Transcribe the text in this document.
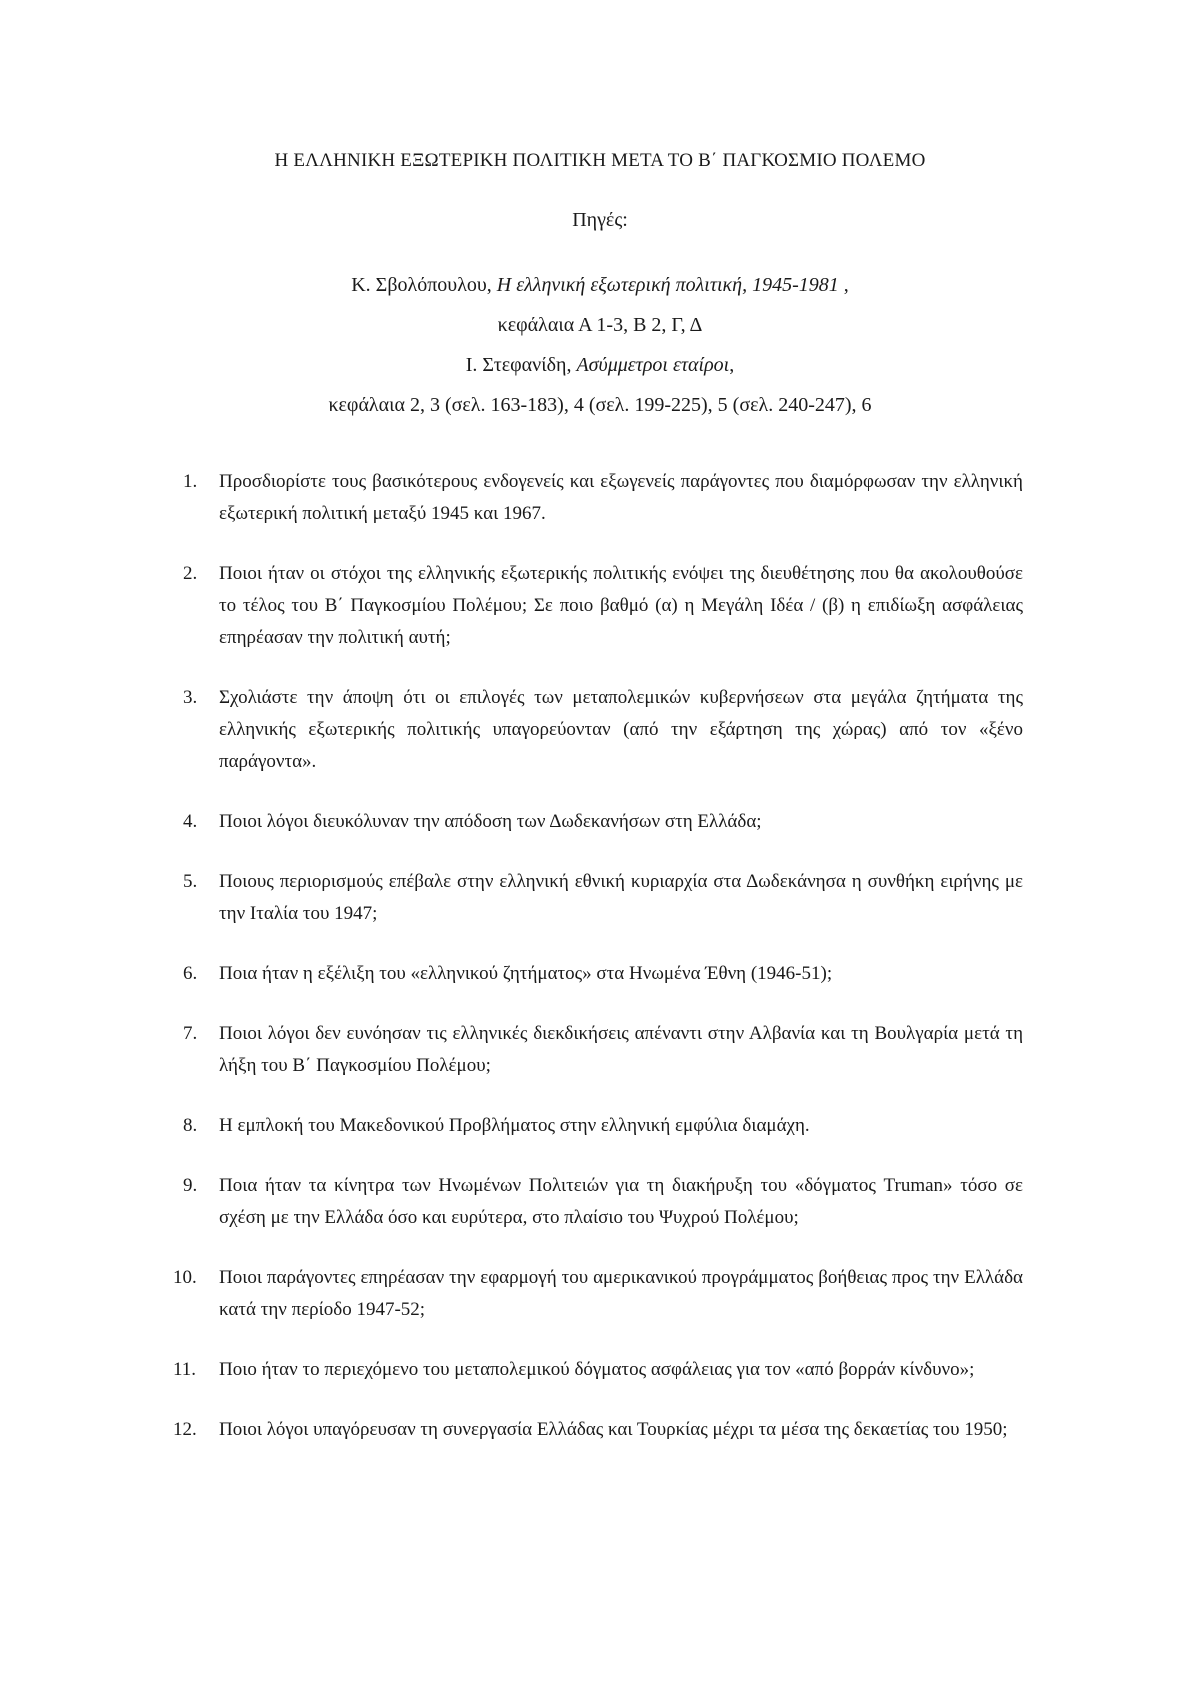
Η ΕΛΛΗΝΙΚΗ ΕΞΩΤΕΡΙΚΗ ΠΟΛΙΤΙΚΗ ΜΕΤΑ ΤΟ Β΄ ΠΑΓΚΟΣΜΙΟ ΠΟΛΕΜΟ
Πηγές:
Κ. Σβολόπουλου, Η ελληνική εξωτερική πολιτική, 1945-1981 ,
κεφάλαια Α 1-3, Β 2, Γ, Δ
Ι. Στεφανίδη, Ασύμμετροι εταίροι,
κεφάλαια 2, 3 (σελ. 163-183), 4 (σελ. 199-225), 5 (σελ. 240-247), 6
1. Προσδιορίστε τους βασικότερους ενδογενείς και εξωγενείς παράγοντες που διαμόρφωσαν την ελληνική εξωτερική πολιτική μεταξύ 1945 και 1967.
2. Ποιοι ήταν οι στόχοι της ελληνικής εξωτερικής πολιτικής ενόψει της διευθέτησης που θα ακολουθούσε το τέλος του Β΄ Παγκοσμίου Πολέμου; Σε ποιο βαθμό (α) η Μεγάλη Ιδέα / (β) η επιδίωξη ασφάλειας επηρέασαν την πολιτική αυτή;
3. Σχολιάστε την άποψη ότι οι επιλογές των μεταπολεμικών κυβερνήσεων στα μεγάλα ζητήματα της ελληνικής εξωτερικής πολιτικής υπαγορεύονταν (από την εξάρτηση της χώρας) από τον «ξένο παράγοντα».
4. Ποιοι λόγοι διευκόλυναν την απόδοση των Δωδεκανήσων στη Ελλάδα;
5. Ποιους περιορισμούς επέβαλε στην ελληνική εθνική κυριαρχία στα Δωδεκάνησα η συνθήκη ειρήνης με την Ιταλία του 1947;
6. Ποια ήταν η εξέλιξη του «ελληνικού ζητήματος» στα Ηνωμένα Έθνη (1946-51);
7. Ποιοι λόγοι δεν ευνόησαν τις ελληνικές διεκδικήσεις απέναντι στην Αλβανία και τη Βουλγαρία μετά τη λήξη του Β΄ Παγκοσμίου Πολέμου;
8. Η εμπλοκή του Μακεδονικού Προβλήματος στην ελληνική εμφύλια διαμάχη.
9. Ποια ήταν τα κίνητρα των Ηνωμένων Πολιτειών για τη διακήρυξη του «δόγματος Truman» τόσο σε σχέση με την Ελλάδα όσο και ευρύτερα, στο πλαίσιο του Ψυχρού Πολέμου;
10. Ποιοι παράγοντες επηρέασαν την εφαρμογή του αμερικανικού προγράμματος βοήθειας προς την Ελλάδα κατά την περίοδο 1947-52;
11. Ποιο ήταν το περιεχόμενο του μεταπολεμικού δόγματος ασφάλειας για τον «από βορράν κίνδυνο»;
12. Ποιοι λόγοι υπαγόρευσαν τη συνεργασία Ελλάδας και Τουρκίας μέχρι τα μέσα της δεκαετίας του 1950;
